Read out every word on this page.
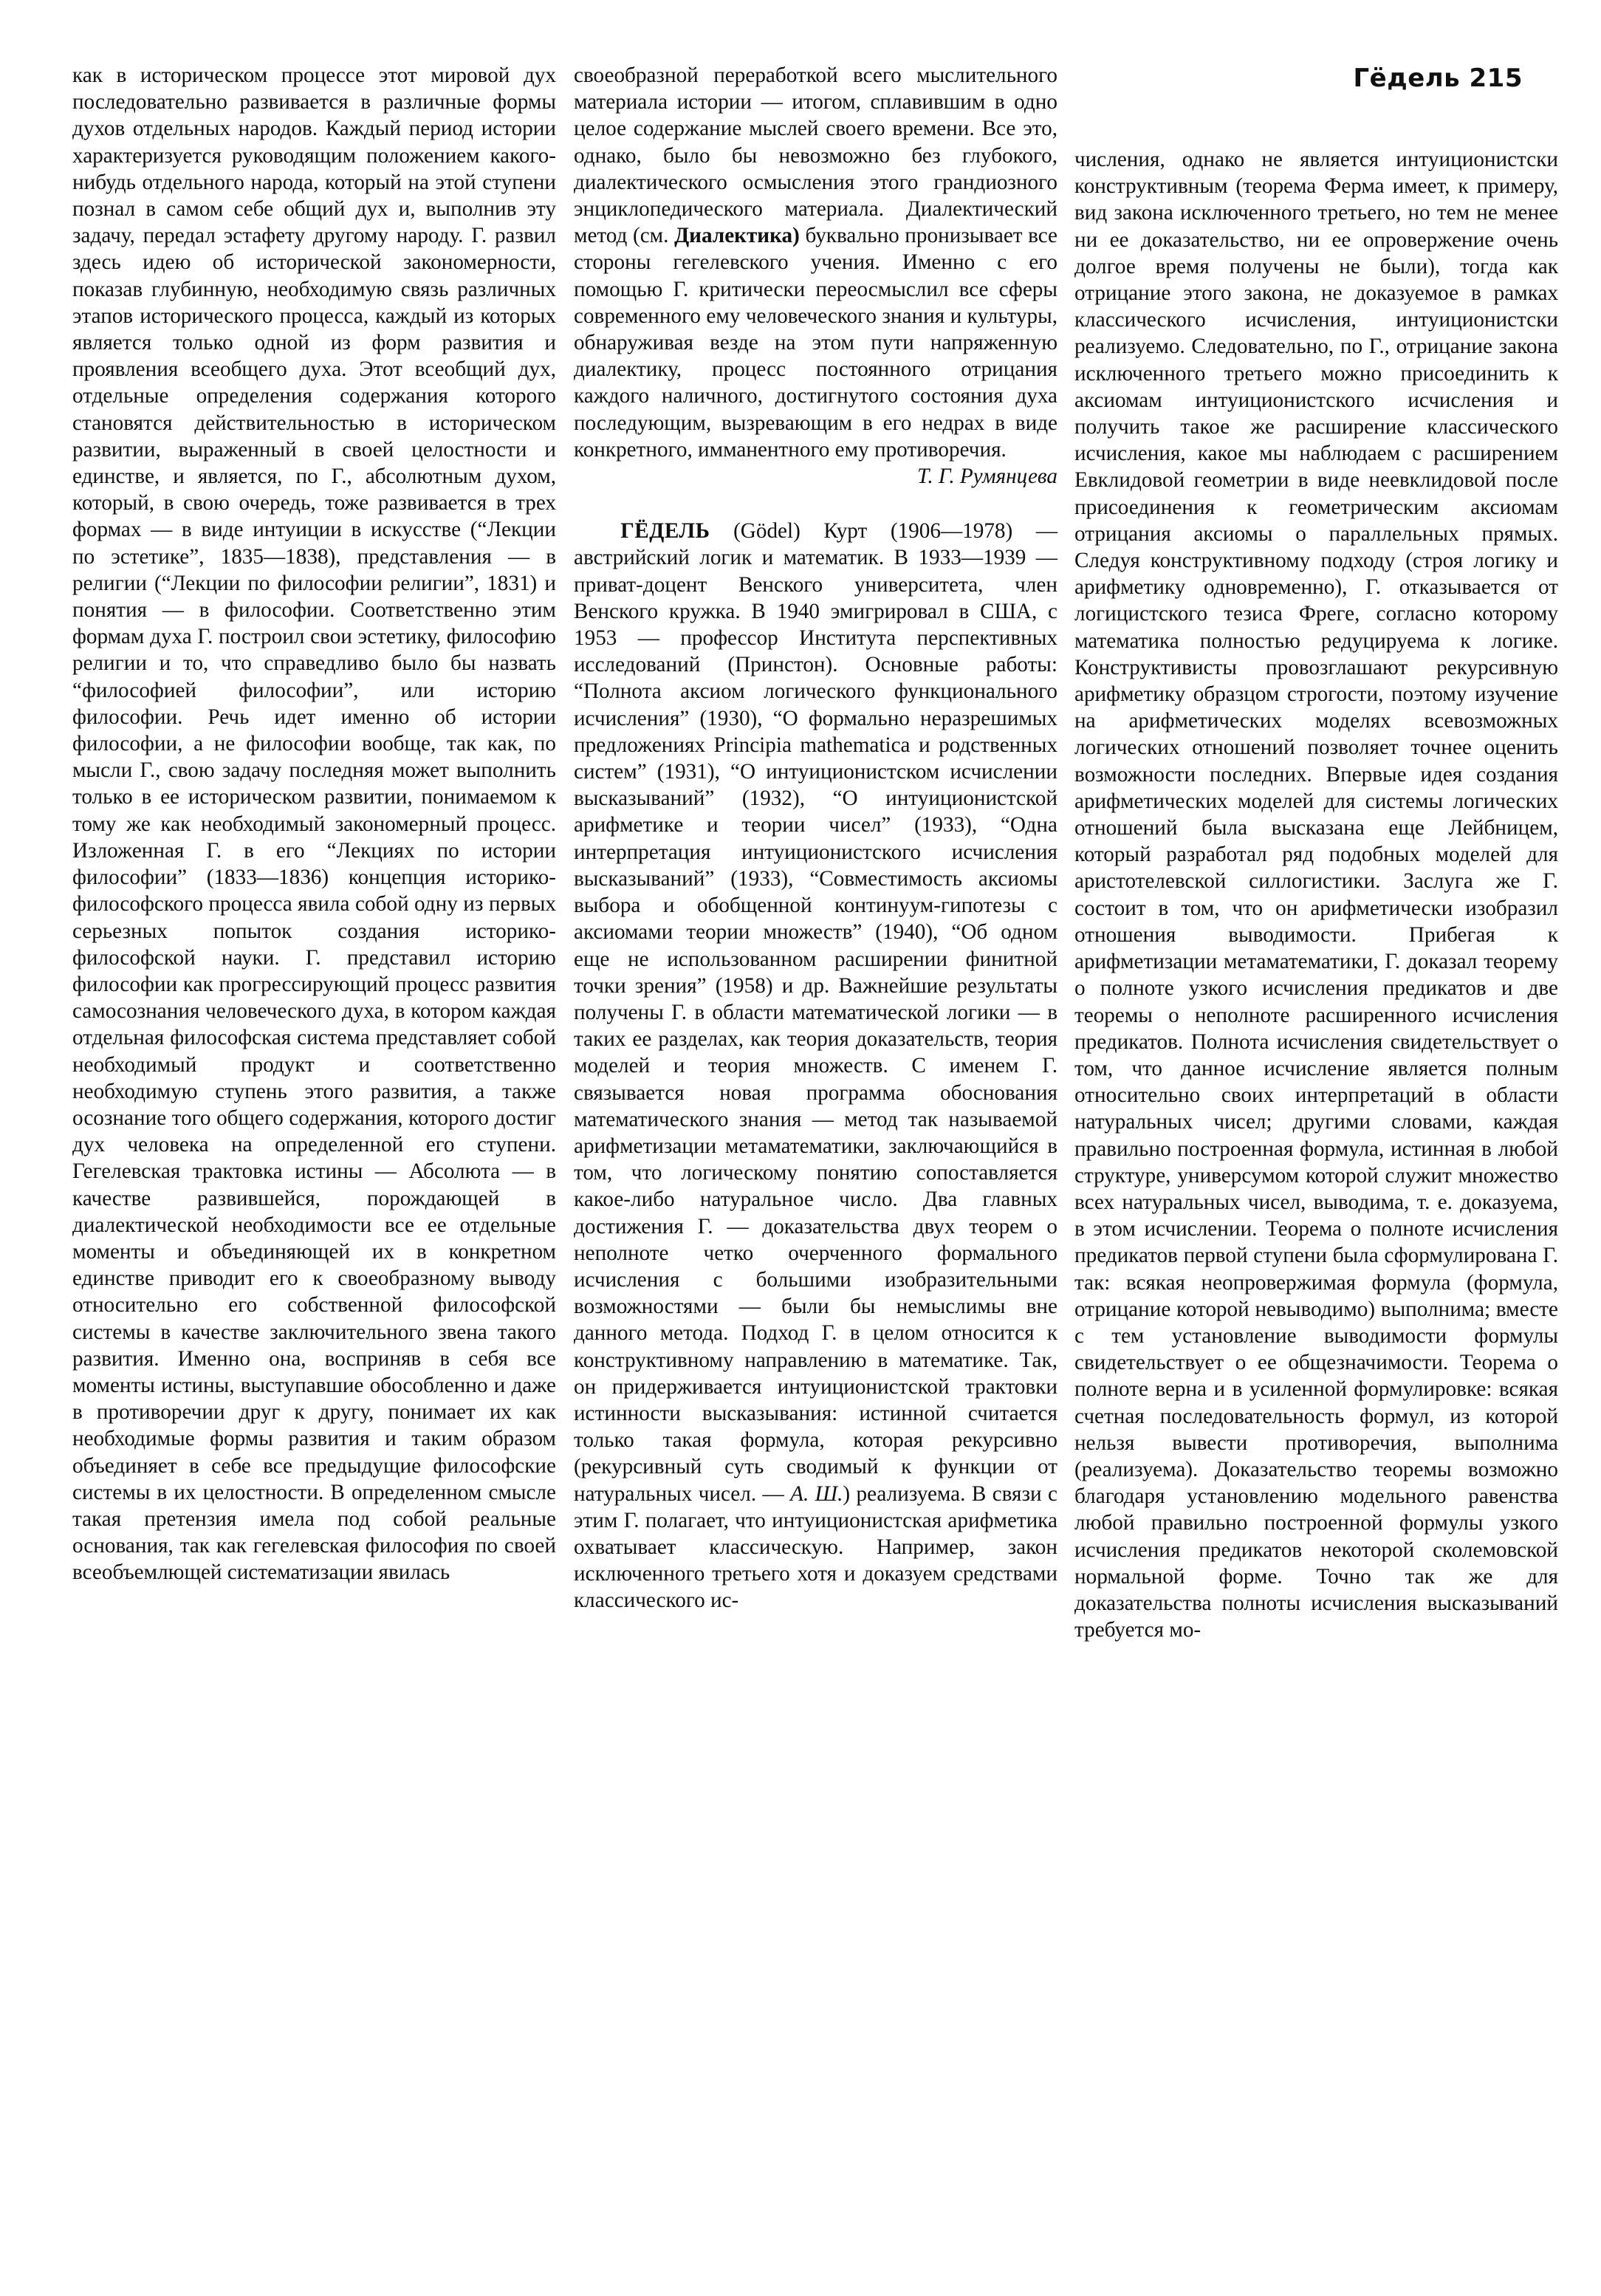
Гёдель 215

как в историческом процессе этот мировой дух последовательно развивается в различные формы духов отдельных народов. Каждый период истории характеризуется руководящим положением какого-нибудь отдельного народа, который на этой ступени познал в самом себе общий дух и, выполнив эту задачу, передал эстафету другому народу. Г. развил здесь идею об исторической закономерности, показав глубинную, необходимую связь различных этапов исторического процесса, каждый из которых является только одной из форм развития и проявления всеобщего духа. Этот всеобщий дух, отдельные определения содержания которого становятся действительностью в историческом развитии, выраженный в своей целостности и единстве, и является, по Г., абсолютным духом, который, в свою очередь, тоже развивается в трех формах — в виде интуиции в искусстве (“Лекции по эстетике”, 1835—1838), представления — в религии (“Лекции по философии религии”, 1831) и понятия — в философии. Соответственно этим формам духа Г. построил свои эстетику, философию религии и то, что справедливо было бы назвать “философией философии”, или историю философии. Речь идет именно об истории философии, а не философии вообще, так как, по мысли Г., свою задачу последняя может выполнить только в ее историческом развитии, понимаемом к тому же как необходимый закономерный процесс. Изложенная Г. в его “Лекциях по истории философии” (1833—1836) концепция историко-философского процесса явила собой одну из первых серьезных попыток создания историко-философской науки. Г. представил историю философии как прогрессирующий процесс развития самосознания человеческого духа, в котором каждая отдельная философская система представляет собой необходимый продукт и соответственно необходимую ступень этого развития, а также осознание того общего содержания, которого достиг дух человека на определенной его ступени. Гегелевская трактовка истины — Абсолюта — в качестве развившейся, порождающей в диалектической необходимости все ее отдельные моменты и объединяющей их в конкретном единстве приводит его к своеобразному выводу относительно его собственной философской системы в качестве заключительного звена такого развития. Именно она, восприняв в себя все моменты истины, выступавшие обособленно и даже в противоречии друг к другу, понимает их как необходимые формы развития и таким образом объединяет в себе все предыдущие философские системы в их целостности. В определенном смысле такая претензия имела под собой реальные основания, так как гегелевская философия по своей всеобъемлющей систематизации явилась

своеобразной переработкой всего мыслительного материала истории — итогом, сплавившим в одно целое содержание мыслей своего времени. Все это, однако, было бы невозможно без глубокого, диалектического осмысления этого грандиозного энциклопедического материала. Диалектический метод (см. Диалектика) буквально пронизывает все стороны гегелевского учения. Именно с его помощью Г. критически переосмыслил все сферы современного ему человеческого знания и культуры, обнаруживая везде на этом пути напряженную диалектику, процесс постоянного отрицания каждого наличного, достигнутого состояния духа последующим, вызревающим в его недрах в виде конкретного, имманентного ему противоречия.

Т. Г. Румянцева

ГЁДЕЛЬ (Gödel) Курт (1906—1978) — австрийский логик и математик. В 1933—1939 — приват-доцент Венского университета, член Венского кружка. В 1940 эмигрировал в США, с 1953 — профессор Института перспективных исследований (Принстон). Основные работы: “Полнота аксиом логического функционального исчисления” (1930), “О формально неразрешимых предложениях Principia mathematica и родственных систем” (1931), “О интуиционистском исчислении высказываний” (1932), “О интуиционистской арифметике и теории чисел” (1933), “Одна интерпретация интуиционистского исчисления высказываний” (1933), “Совместимость аксиомы выбора и обобщенной континуум-гипотезы с аксиомами теории множеств” (1940), “Об одном еще не использованном расширении финитной точки зрения” (1958) и др. Важнейшие результаты получены Г. в области математической логики — в таких ее разделах, как теория доказательств, теория моделей и теория множеств. С именем Г. связывается новая программа обоснования математического знания — метод так называемой арифметизации метаматематики, заключающийся в том, что логическому понятию сопоставляется какое-либо натуральное число. Два главных достижения Г. — доказательства двух теорем о неполноте четко очерченного формального исчисления с большими изобразительными возможностями — были бы немыслимы вне данного метода. Подход Г. в целом относится к конструктивному направлению в математике. Так, он придерживается интуиционистской трактовки истинности высказывания: истинной считается только такая формула, которая рекурсивно (рекурсивный суть сводимый к функции от натуральных чисел. — А. Ш.) реализуема. В связи с этим Г. полагает, что интуиционистская арифметика охватывает классическую. Например, закон исключенного третьего хотя и доказуем средствами классического ис-

числения, однако не является интуиционистски конструктивным (теорема Ферма имеет, к примеру, вид закона исключенного третьего, но тем не менее ни ее доказательство, ни ее опровержение очень долгое время получены не были), тогда как отрицание этого закона, не доказуемое в рамках классического исчисления, интуиционистски реализуемо. Следовательно, по Г., отрицание закона исключенного третьего можно присоединить к аксиомам интуиционистского исчисления и получить такое же расширение классического исчисления, какое мы наблюдаем с расширением Евклидовой геометрии в виде неевклидовой после присоединения к геометрическим аксиомам отрицания аксиомы о параллельных прямых. Следуя конструктивному подходу (строя логику и арифметику одновременно), Г. отказывается от логицистского тезиса Фреге, согласно которому математика полностью редуцируема к логике. Конструктивисты провозглашают рекурсивную арифметику образцом строгости, поэтому изучение на арифметических моделях всевозможных логических отношений позволяет точнее оценить возможности последних. Впервые идея создания арифметических моделей для системы логических отношений была высказана еще Лейбницем, который разработал ряд подобных моделей для аристотелевской силлогистики. Заслуга же Г. состоит в том, что он арифметически изобразил отношения выводимости. Прибегая к арифметизации метаматематики, Г. доказал теорему о полноте узкого исчисления предикатов и две теоремы о неполноте расширенного исчисления предикатов. Полнота исчисления свидетельствует о том, что данное исчисление является полным относительно своих интерпретаций в области натуральных чисел; другими словами, каждая правильно построенная формула, истинная в любой структуре, универсумом которой служит множество всех натуральных чисел, выводима, т. е. доказуема, в этом исчислении. Теорема о полноте исчисления предикатов первой ступени была сформулирована Г. так: всякая неопровержимая формула (формула, отрицание которой невыводимо) выполнима; вместе с тем установление выводимости формулы свидетельствует о ее общезначимости. Теорема о полноте верна и в усиленной формулировке: всякая счетная последовательность формул, из которой нельзя вывести противоречия, выполнима (реализуема). Доказательство теоремы возможно благодаря установлению модельного равенства любой правильно построенной формулы узкого исчисления предикатов некоторой сколемовской нормальной форме. Точно так же для доказательства полноты исчисления высказываний требуется мо-
